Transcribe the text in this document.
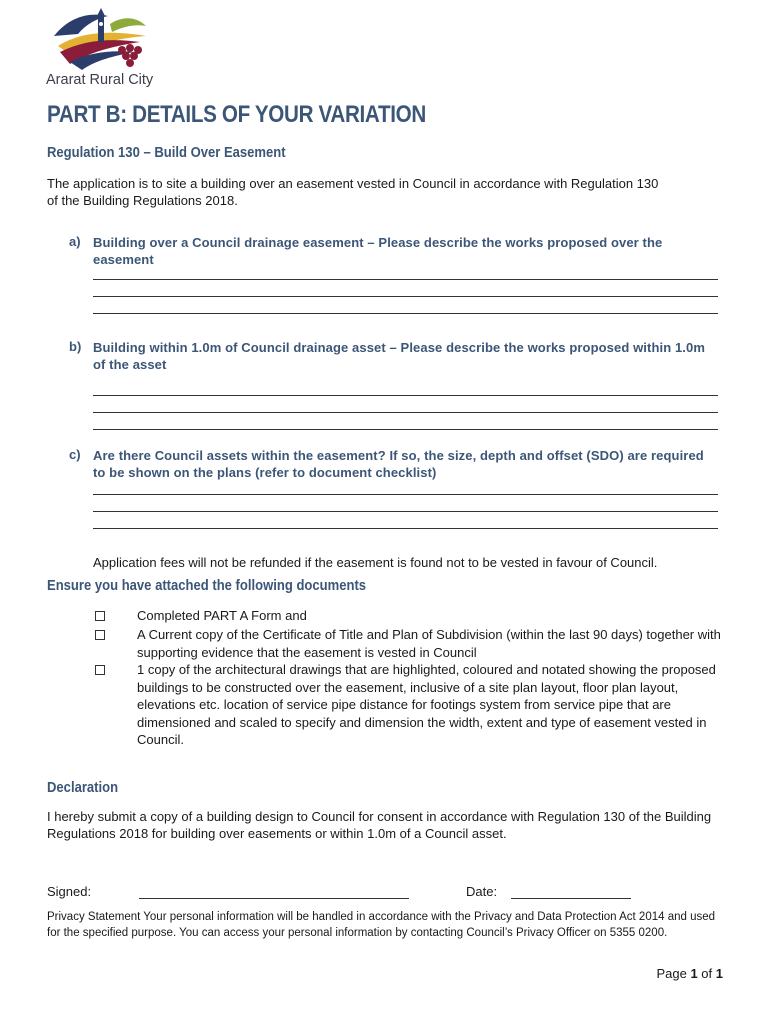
Ararat Rural City
PART B: DETAILS OF YOUR VARIATION
Regulation 130 – Build Over Easement
The application is to site a building over an easement vested in Council in accordance with Regulation 130
of the Building Regulations 2018.
a) Building over a Council drainage easement – Please describe the works proposed over the easement
b) Building within 1.0m of Council drainage asset – Please describe the works proposed within 1.0m of the asset
c) Are there Council assets within the easement? If so, the size, depth and offset (SDO) are required to be shown on the plans (refer to document checklist)
Application fees will not be refunded if the easement is found not to be vested in favour of Council.
Ensure you have attached the following documents
Completed PART A Form and
A Current copy of the Certificate of Title and Plan of Subdivision (within the last 90 days) together with supporting evidence that the easement is vested in Council
1 copy of the architectural drawings that are highlighted, coloured and notated showing the proposed buildings to be constructed over the easement, inclusive of a site plan layout, floor plan layout, elevations etc. location of service pipe distance for footings system from service pipe that are dimensioned and scaled to specify and dimension the width, extent and type of easement vested in Council.
Declaration
I hereby submit a copy of a building design to Council for consent in accordance with Regulation 130 of the Building Regulations 2018 for building over easements or within 1.0m of a Council asset.
Signed:	Date:
Privacy Statement Your personal information will be handled in accordance with the Privacy and Data Protection Act 2014 and used for the specified purpose. You can access your personal information by contacting Council’s Privacy Officer on 5355 0200.
Page 1 of 1
